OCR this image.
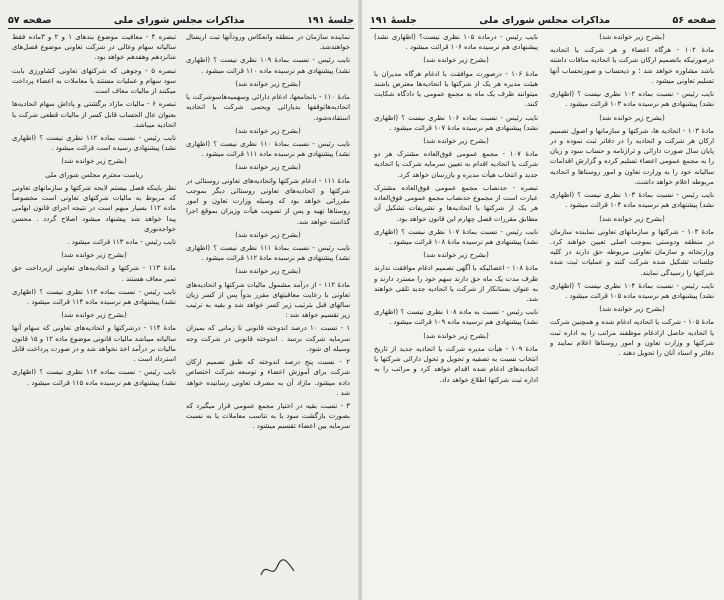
جلسهٔ ۱۹۱
مذاکرات مجلس شورای ملی
صفحه ۵۷

نماینده سازمان در منطقه وانعکاس ورودآنها تبت اریسال خواهندشد.

نایب رئیس - نسبت بمادهٔ ۱۰۹ نظری نیست ؟ (اظهاری نشد) پیشنهادی هم نرسیده ماده ۱۱۰ قرائت میشود .

(بشرح زیر خوانده شد)

مادهٔ ۱۱۰ - بانجامعها، ادغام دارائی وسهمیه‌هاسوشرکت یا اتحادیه‌هاتوقفها بدیارائی ویحمی شرکت یا اتحادیه استفاده‌شود.

(بشرح زیر خوانده شد)

نایب رئیس - نسبت بمادهٔ ۱۱۰ نظری نیست ؟ (اظهاری نشد) پیشنهادی هم نرسیده ماده ۱۱۱ قرائت میشود .

(بشرح زیر خوانده شد)

مادهٔ ۱۱۱ - ادغام شرکتها واتحادیه‌های تعاونی روستائی در شرکتها و اتحادیه‌های تعاونی روستائی دیگر بموجب مقرراتی خواهد بود که وسیله وزارت تعاون و امور روستاها تهیه و پس از تصویب هیأت وزیران بموقع اجرا گذاشته خواهد شد.

(بشرح زیر خوانده شد)

نایب رئیس - نسبت بمادهٔ ۱۱۱ نظری نیست ؟ (اظهاری نشد) پیشنهادی هم نرسیده مادهٔ ۱۱۲ قرائت میشود .

(بشرح زیر خوانده شد)

مادهٔ ۱۱۲ - از درآمد مشمول مالیات شرکتها و اتحادیه‌های تعاونی با رعایت معافیتهای مقرر بدواً پس از کسر زیان سالهای قبل بترتیب زیر کسر خواهد شد و بقیه به ترتیب زیر تقسیم خواهد شد :

۱ - نسبت ۱۰ درصد اندوخته قانونی تا زمانی که بمیزان سرمایه شرکت برسد . اندوخته قانونی در شرکت وجه وسیله ای شود.

۲ - نسبت پنج درصد اندوخته که طبق تصمیم ارکان شرکت برای آموزش اعضاء و توسعه شرکت اختصاص داده میشود. مازاد آن به مصرف تعاونی رسانیده خواهد شد .

۳ - نسبت بقیه در اختیار مجمع عمومی قرار میگیرد که بصورت بازگشت سود یا به تناسب معاملات یا به نسبت سرمایه بین اعضاء تقسیم میشود .

تبصره ۴ - معافیت موضوع بندهای ۱ و ۲ و ۳ماده فقط سالیانه سهام وعالی در شرکت تعاونی موضوع فصل‌های شانزدهم وهفدهم خواهد بود.

تبصره ۵ - وجوهی که شرکتهای تعاونی کشاورزی بابت سود سهام و عملیات مستند یا معاملات به اعضاء پرداخت میکنند از مالیات معاف است.

تبصره ۶ - مالیات مازاد برگشتی و پاداش سهام اتحادیه‌ها بعنوان عال الحساب قابل کسر از مالیات قطعی شرکت یا اتحادیه میباشد.

نایب رئیس - نسبت بماده ۱۱۲ نظری نیست ؟ (اظهاری نشد) پیشنهادی رسیده است قرائت میشود .

(بشرح زیر خوانده شد)

ریاست محترم مجلس شورای ملی

نظر باینکه فصل بیستم لایحه شرکتها و سازمانهای تعاونی که مربوط به مالیات شرکتهای تعاونی است مخصوصاً ماده ۱۱۲ بسیار مبهم است در نتیجه اجرای قانون ابهامی پیدا خواهد شد پیشنهاد میشود اصلاح گردد . محسن خواجه‌نوری

نایب رئیس - ماده ۱۱۳ قرائت میشود .

(بشرح زیر خوانده شد)

مادهٔ ۱۱۳ - شرکتها و اتحادیه‌های تعاونی ازپرداخت حق تمبر معاف هستند .

نایب رئیس - نسبت بماده ۱۱۳ نظری نیست ؟ (اظهاری نشد) پیشنهادی هم نرسیده ماده ۱۱۴ قرائت میشود .

(بشرح زیر خوانده شد)

مادهٔ ۱۱۴ - درشرکتها و اتحادیه‌های تعاونی که سهام آنها سالیانه میباشد مالیات قانونی موضوع ماده ۱۲ و ۱۵ قانون مالیات بر درآمد اخذ نخواهد شد و در صورت پرداخت قابل استرداد است .

نایب رئیس - نسبت بماده ۱۱۴ نظری نیست ؟ (اظهاری نشد) پیشنهادی هم نرسیده ماده ۱۱۵ قرائت میشود .

صفحه ۵۶
مذاکرات مجلس شورای ملی
جلسهٔ ۱۹۱

(بشرح زیر خوانده شد)

مادهٔ ۱۰۲ - هرگاه اعضاء و هر شرکت یا اتحادیه درصورتیکه باتصمیم ارکان شرکت یا اتحادیه منافات داشته باشد مشاوره خواهد شد ؛ و ذیحساب و صورتحساب آنها تسلیم تعاونی میشود .

نایب رئیس - نسبت بماده ۱۰۲ نظری نیست ؟ (اظهاری نشد) پیشنهادی هم نرسیده ماده ۱۰۳ قرائت میشود .

(بشرح زیر خوانده شد)

مادهٔ ۱۰۳ - اتحادیه ها، شرکتها و سازمانها و اصول تصمیم ارکان هر شرکت و اتحادیه را در دفاتر ثبت نموده و در پایان سال صورت دارائی و ترازنامه و حساب سود و زیان را به مجمع عمومی اعضاء تسلیم کرده و گزارش اقدامات سالیانه خود را به وزارت تعاون و امور روستاها و اتحادیه مربوطه اعلام خواهد داشت.

نایب رئیس - نسبت بمادهٔ ۱۰۳ نظری نیست ؟ (اظهاری نشد) پیشنهادی هم نرسیده ماده ۱۰۴ قرائت میشود .

(بشرح زیر خوانده شد)

مادهٔ ۱۰۴ - شرکتها و سازمانهای تعاونی نماینده سازمان در منطقه ودوستی بموجب اصلی تعیین خواهند کرد. وزارتخانه و سازمان تعاونی مربوطه حق دارند در کلیه جلسات تشکیل شده شرکت کنند و عملیات ثبت شده شرکتها را رسیدگی نمایند.

نایب رئیس - نسبت بمادهٔ ۱۰۴ نظری نیست ؟ (اظهاری نشد) پیشنهادی هم نرسیده ماده ۱۰۵ قرائت میشود .

(بشرح زیر خوانده شد)

مادهٔ ۱۰۵ - شرکت یا اتحادیه ادغام شده و همچنین شرکت یا اتحادیه حاصل ازادغام موظفند مراتب را به اداره ثبت شرکتها و وزارت تعاون و امور روستاها اعلام نمایند و دفاتر و اسناد آنان را تحویل دهند .

نایب رئیس - درماده ۱۰۵ نظری نیست؟ (اظهاری نشد) پیشنهادی هم نرسیده ماده ۱۰۶ قرائت میشود .

(بشرح زیر خوانده شد)

مادهٔ ۱۰۶ - درصورت موافقت با ادغام هرگاه مدیران یا هیئت مدیره هر یک از شرکتها یا اتحادیه‌ها معترض باشند میتوانند ظرف یک ماه به مجمع عمومی یا دادگاه شکایت کنند.

نایب رئیس - نسبت بماده ۱۰۶ نظری نیست ؟ (اظهاری نشد) پیشنهادی هم نرسیده مادهٔ ۱۰۷ قرائت میشود .

(بشرح زیر خوانده شد)

مادهٔ ۱۰۷ - مجمع عمومی فوق‌العاده مشترک هر دو شرکت یا اتحادیه اقدام به تعیین سرمایه شرکت یا اتحادیه جدید و انتخاب هیأت مدیره و بازرسان خواهد کرد.

تبصره - حدنصاب مجمع عمومی فوق‌العاده مشترک عبارت است از مجموع حدنصاب مجمع عمومی فوق‌العاده هر یک از شرکتها یا اتحادیه‌ها و تشریفات تشکیل آن مطابق مقررات فصل چهارم این قانون خواهد بود.

نایب رئیس - نسبت بمادهٔ ۱۰۷ نظری نیست ؟ (اظهاری نشد) پیشنهادی هم نرسیده مادهٔ ۱۰۸ قرائت میشود .

(بشرح زیر خوانده شد)

مادهٔ ۱۰۸ - اعضائیکه با آگهی تصمیم ادغام موافقت ندارند ظرف مدت یک ماه حق دارند سهم خود را مسترد دارند و به عنوان بستانکار از شرکت یا اتحادیه جدید تلقی خواهند شد.

نایب رئیس - نسبت به ماده ۱۰۸ نظری نیست ؟ (اظهاری نشد) پیشنهادی هم نرسیده ماده ۱۰۹ قرائت میشود .

(بشرح زیر خوانده شد)

مادهٔ ۱۰۹ - هیأت مدیره شرکت یا اتحادیه جدید از تاریخ انتخاب نسبت به تصفیه و تحویل و تحول دارائی شرکتها یا اتحادیه‌های ادغام شده اقدام خواهد کرد و مراتب را به اداره ثبت شرکتها اطلاع خواهد داد.
